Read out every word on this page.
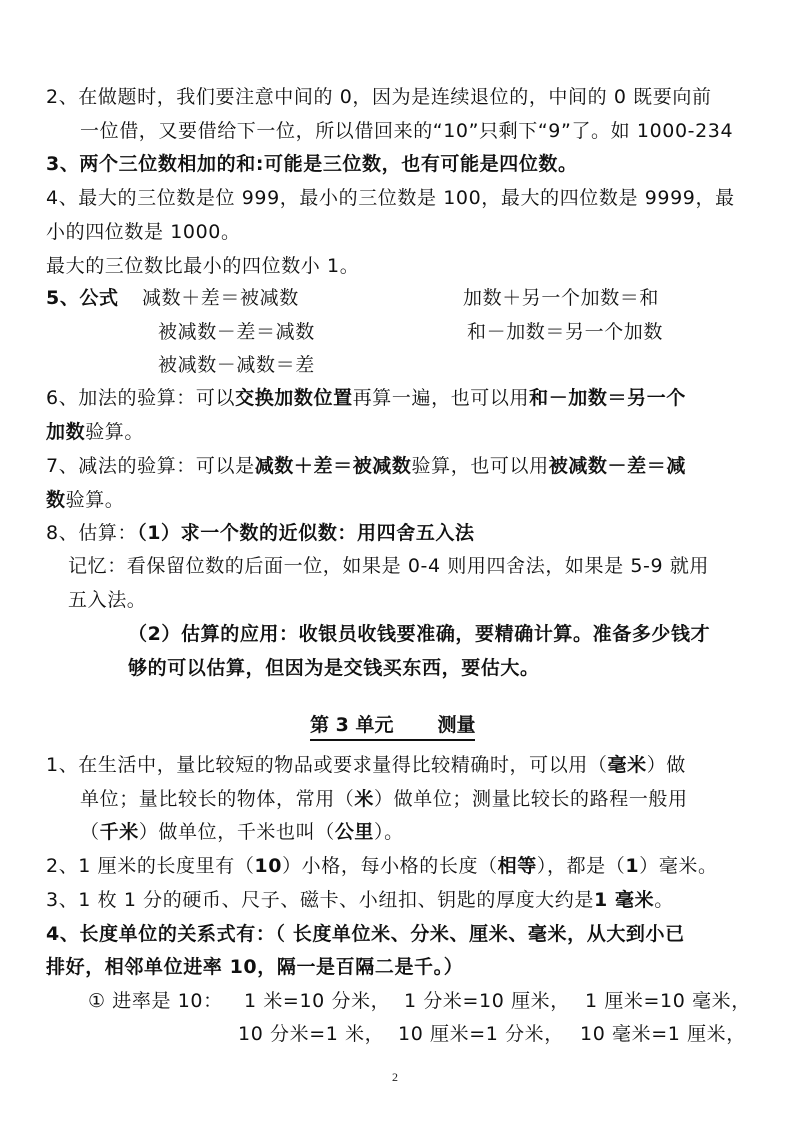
2、在做题时，我们要注意中间的 0，因为是连续退位的，中间的 0 既要向前
一位借，又要借给下一位，所以借回来的“10”只剩下“9”了。如 1000-234
3、两个三位数相加的和:可能是三位数，也有可能是四位数。
4、最大的三位数是位 999，最小的三位数是 100，最大的四位数是 9999，最
小的四位数是 1000。
最大的三位数比最小的四位数小 1。
5、公式 减数＋差＝被减数
被减数－差＝减数
被减数－减数＝差
加数＋另一个加数＝和
和－加数＝另一个加数
6、加法的验算：可以交换加数位置再算一遍，也可以用和－加数＝另一个
加数验算。
7、减法的验算：可以是减数＋差＝被减数验算，也可以用被减数－差＝减
数验算。
8、估算：（1）求一个数的近似数：用四舍五入法
记忆：看保留位数的后面一位，如果是 0-4 则用四舍法，如果是 5-9 就用
五入法。
（2）估算的应用：收银员收钱要准确，要精确计算。准备多少钱才
够的可以估算，但因为是交钱买东西，要估大。
第 3 单元 测量
1、在生活中，量比较短的物品或要求量得比较精确时，可以用（毫米）做
单位；量比较长的物体，常用（米）做单位；测量比较长的路程一般用
（千米）做单位，千米也叫（公里）。
2、1 厘米的长度里有（10）小格，每小格的长度（相等），都是（1）毫米。
3、1 枚 1 分的硬币、尺子、磁卡、小纽扣、钥匙的厚度大约是1 毫米。
4、长度单位的关系式有：（ 长度单位米、分米、厘米、毫米，从大到小已
排好，相邻单位进率 10，隔一是百隔二是千。）
① 进率是 10： 1 米=10 分米， 1 分米=10 厘米， 1 厘米=10 毫米，
10 分米=1 米， 10 厘米=1 分米， 10 毫米=1 厘米，
2
